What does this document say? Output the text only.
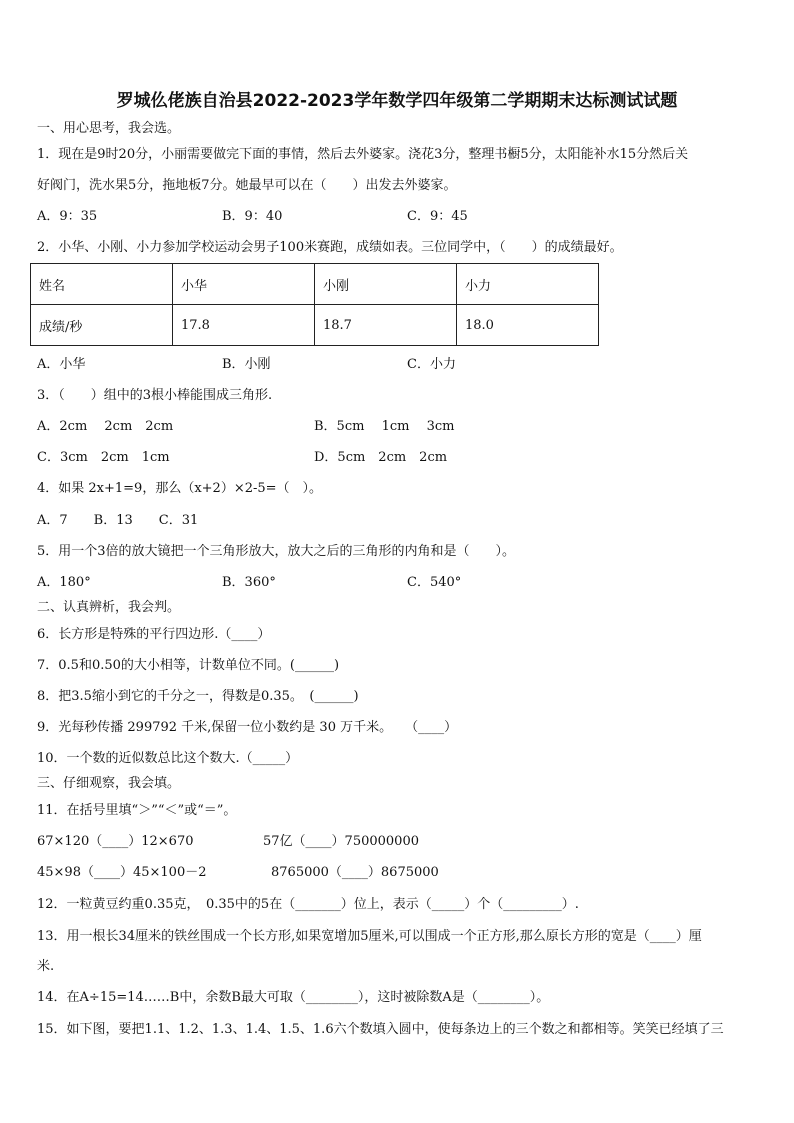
罗城仫佬族自治县2022-2023学年数学四年级第二学期期末达标测试试题
一、用心思考，我会选。
1．现在是9时20分，小丽需要做完下面的事情，然后去外婆家。浇花3分，整理书橱5分，太阳能补水15分然后关
好阀门，洗水果5分，拖地板7分。她最早可以在（　　）出发去外婆家。
A．9：35	B．9：40	C．9：45
2．小华、小刚、小力参加学校运动会男子100米赛跑，成绩如表。三位同学中，（　　）的成绩最好。
姓名	小华	小刚	小力
成绩/秒	17.8	18.7	18.0
A．小华	B．小刚	C．小力
3．（　　）组中的3根小棒能围成三角形.
A．2cm　 2cm　2cm	B．5cm　 1cm　 3cm
C．3cm　2cm　1cm	D．5cm　2cm　2cm
4．如果 2x+1=9，那么（x+2）×2-5=（　）。
A．7　　B．13　　C．31
5．用一个3倍的放大镜把一个三角形放大，放大之后的三角形的内角和是（　　）。
A．180°	B．360°	C．540°
二、认真辨析，我会判。
6．长方形是特殊的平行四边形.（____）
7．0.5和0.50的大小相等，计数单位不同。(______)
8．把3.5缩小到它的千分之一，得数是0.35。　(______)
9．光每秒传播 299792 千米,保留一位小数约是 30 万千米。　　（____）
10．一个数的近似数总比这个数大.（_____）
三、仔细观察，我会填。
11．在括号里填“＞”“＜”或“＝”。
67×120（____）12×670	57亿（____）750000000
45×98（____）45×100－2	8765000（____）8675000
12．一粒黄豆约重0.35克，　0.35中的5在（_______）位上，表示（_____）个（_________）.
13．用一根长34厘米的铁丝围成一个长方形,如果宽增加5厘米,可以围成一个正方形,那么原长方形的宽是（____）厘
米.
14．在A÷15=14……B中，余数B最大可取（________），这时被除数A是（________）。
15．如下图，要把1.1、1.2、1.3、1.4、1.5、1.6六个数填入圆中，使每条边上的三个数之和都相等。笑笑已经填了三
